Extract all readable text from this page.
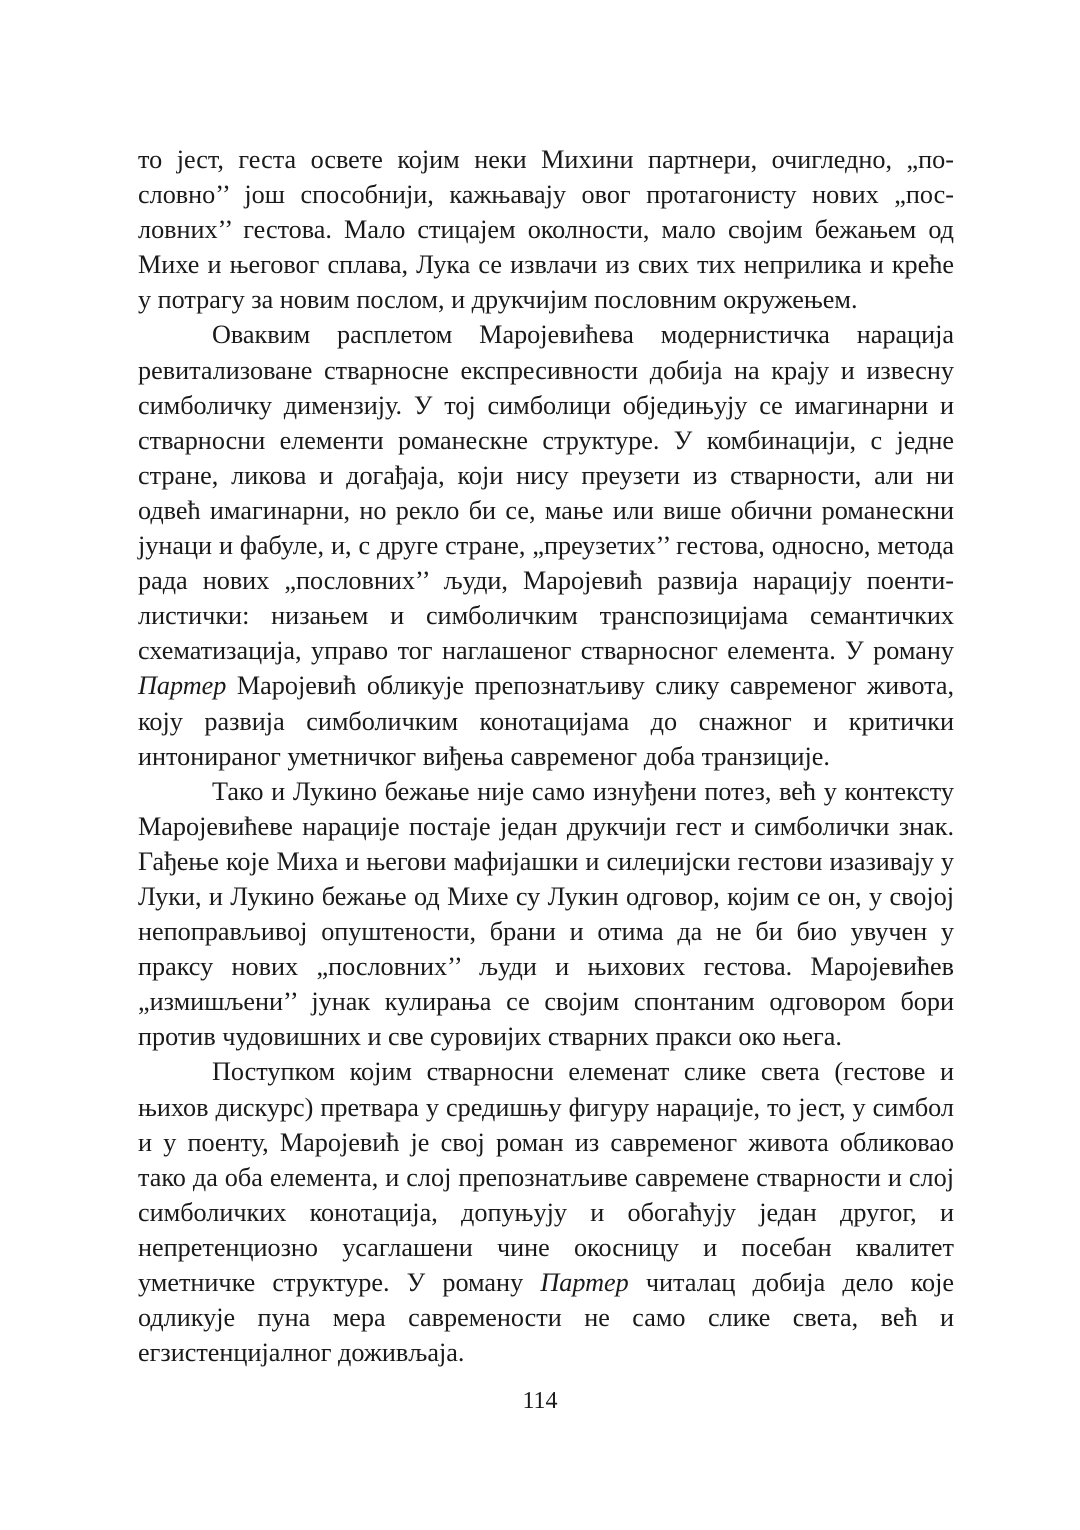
то јест, геста освете којим неки Михини партнери, очигледно, „пословно’’ још способнији, кажњавају овог протагонисту нових „пословних’’ гестова. Мало стицајем околности, мало својим бежањем од Михе и његовог сплава, Лука се извлачи из свих тих неприлика и креће у потрагу за новим послом, и друкчијим пословним окружењем.

Оваквим расплетом Маројевићева модернистичка нарација ревитализоване стварносне експресивности добија на крају и извесну симболичку димензију. У тој симболици обједињују се имагинарни и стварносни елементи романескне структуре. У комбинацији, с једне стране, ликова и догађаја, који нису преузети из стварности, али ни одвећ имагинарни, но рекло би се, мање или више обични романескни јунаци и фабуле, и, с друге стране, „преузетих’’ гестова, односно, метода рада нових „пословних’’ људи, Маројевић развија нарацију поентилистички: низањем и симболичким транспозицијама семантичких схематизација, управо тог наглашеног стварносног елемента. У роману Партер Маројевић обликује препознатљиву слику савременог живота, коју развија симболичким конотацијама до снажног и критички интонираног уметничког виђења савременог доба транзиције.

Тако и Лукино бежање није само изнуђени потез, већ у контексту Маројевићеве нарације постаје један друкчији гест и симболички знак. Гађење које Миха и његови мафијашки и силеџијски гестови изазивају у Луки, и Лукино бежање од Михе су Лукин одговор, којим се он, у својој непоправљивој опуштености, брани и отима да не би био увучен у праксу нових „пословних’’ људи и њихових гестова. Маројевићев „измишљени’’ јунак кулирања се својим спонтаним одговором бори против чудовишних и све суровијих стварних пракси око њега.

Поступком којим стварносни елеменат слике света (гестове и њихов дискурс) претвара у средишњу фигуру нарације, то јест, у симбол и у поенту, Маројевић је свој роман из савременог живота обликовао тако да оба елемента, и слој препознатљиве савремене стварности и слој симболичких конотација, допуњују и обогаћују један другог, и непретенциозно усаглашени чине окосницу и посебан квалитет уметничке структуре. У роману Партер читалац добија дело које одликује пуна мера савремености не само слике света, већ и егзистенцијалног доживљаја.

114
